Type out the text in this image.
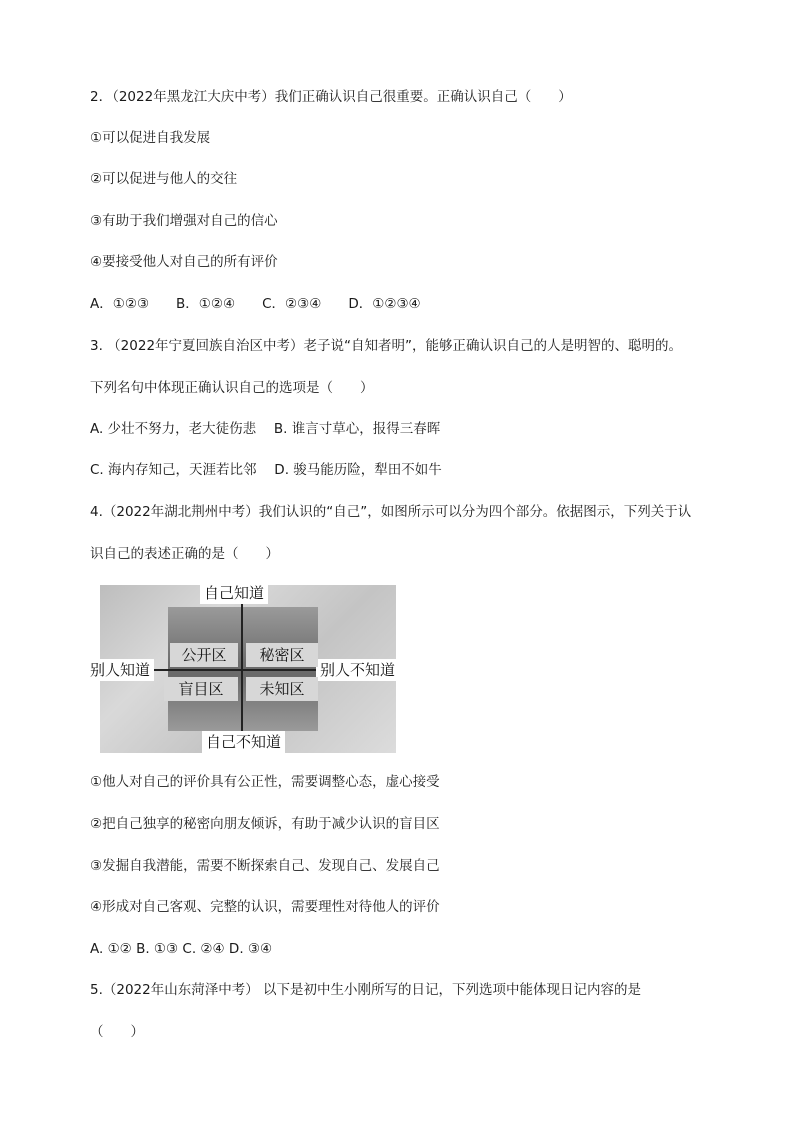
2．（2022年黑龙江大庆中考）我们正确认识自己很重要。正确认识自己（　　）
①可以促进自我发展
②可以促进与他人的交往
③有助于我们增强对自己的信心
④要接受他人对自己的所有评价
A．①②③　　B．①②④　　C．②③④　　D．①②③④
3. （2022年宁夏回族自治区中考）老子说“自知者明”，能够正确认识自己的人是明智的、聪明的。
下列名句中体现正确认识自己的选项是（　　）
A. 少壮不努力，老大徒伤悲　 B. 谁言寸草心，报得三春晖
C. 海内存知己，天涯若比邻　 D. 骏马能历险，犁田不如牛
4.（2022年湖北荆州中考）我们认识的“自己”，如图所示可以分为四个部分。依据图示，下列关于认
识自己的表述正确的是（　　）
自己知道
自己不知道
别人知道	别人不知道
公开区	秘密区
盲目区	未知区
①他人对自己的评价具有公正性，需要调整心态，虚心接受
②把自己独享的秘密向朋友倾诉，有助于减少认识的盲目区
③发掘自我潜能，需要不断探索自己、发现自己、发展自己
④形成对自己客观、完整的认识，需要理性对待他人的评价
A. ①② B. ①③ C. ②④ D. ③④
5.（2022年山东菏泽中考） 以下是初中生小刚所写的日记，下列选项中能体现日记内容的是
（　　）
